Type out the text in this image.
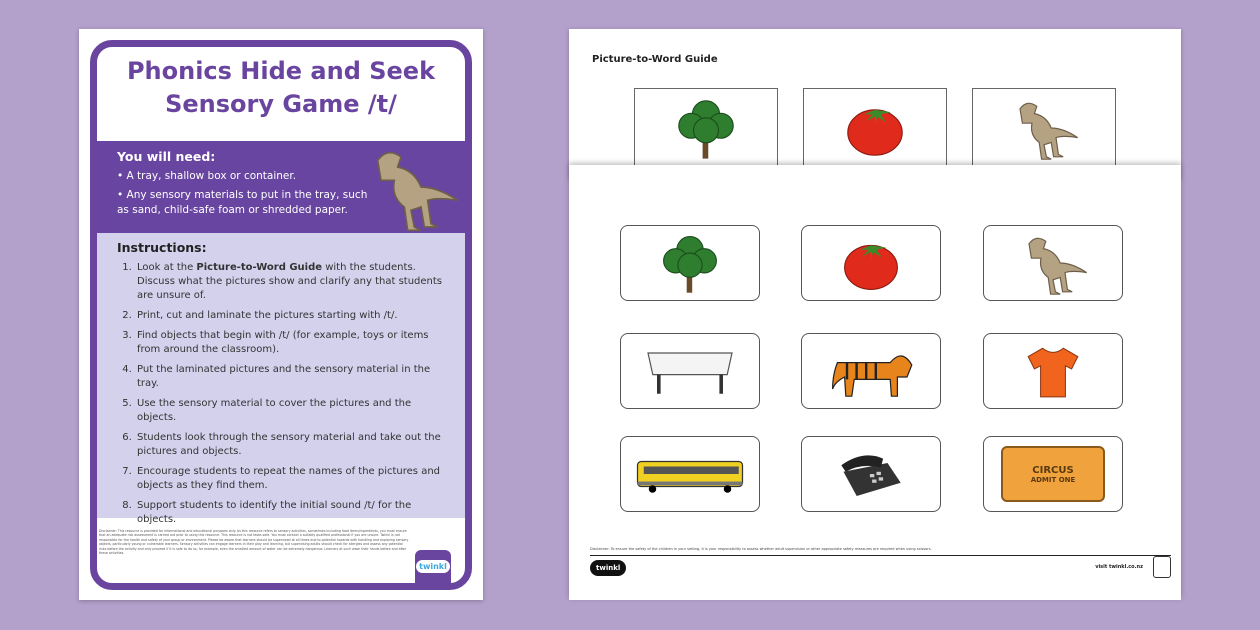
Phonics Hide and Seek
Sensory Game /t/
You will need:
• A tray, shallow box or container.
• Any sensory materials to put in the tray, such as sand, child-safe foam or shredded paper.
Instructions:
1. Look at the Picture-to-Word Guide with the students. Discuss what the pictures show and clarify any that students are unsure of.
2. Print, cut and laminate the pictures starting with /t/.
3. Find objects that begin with /t/ (for example, toys or items from around the classroom).
4. Put the laminated pictures and the sensory material in the tray.
5. Use the sensory material to cover the pictures and the objects.
6. Students look through the sensory material and take out the pictures and objects.
7. Encourage students to repeat the names of the pictures and objects as they find them.
8. Support students to identify the initial sound /t/ for the objects.
Disclaimer: This resource is provided for informational and educational purposes only. As this resource refers to sensory activities, sometimes including food items/ingredients, you must ensure that an adequate risk assessment is carried out prior to using this resource. This resource is not taste-safe. You must contact a suitably qualified professional if you are unsure. Twinkl is not responsible for the health and safety of your group or environment. Please be aware that learners should be supervised at all times due to potential hazards with handling and exploring sensory objects, particularly young or vulnerable learners. Sensory activities can engage learners in their play and learning, but supervising adults should check for allergies and assess any potential risks before the activity and only proceed if it is safe to do so, for example, even the smallest amount of water can be extremely dangerous. Learners at such wash their hands before and after these activities.
twinkl
Picture-to-Word Guide
CIRCUS
ADMIT ONE
Disclaimer: To ensure the safety of the children in your setting, it is your responsibility to assess whether adult supervision or other appropriate safety measures are required when using scissors.
twinkl	visit twinkl.co.nz
